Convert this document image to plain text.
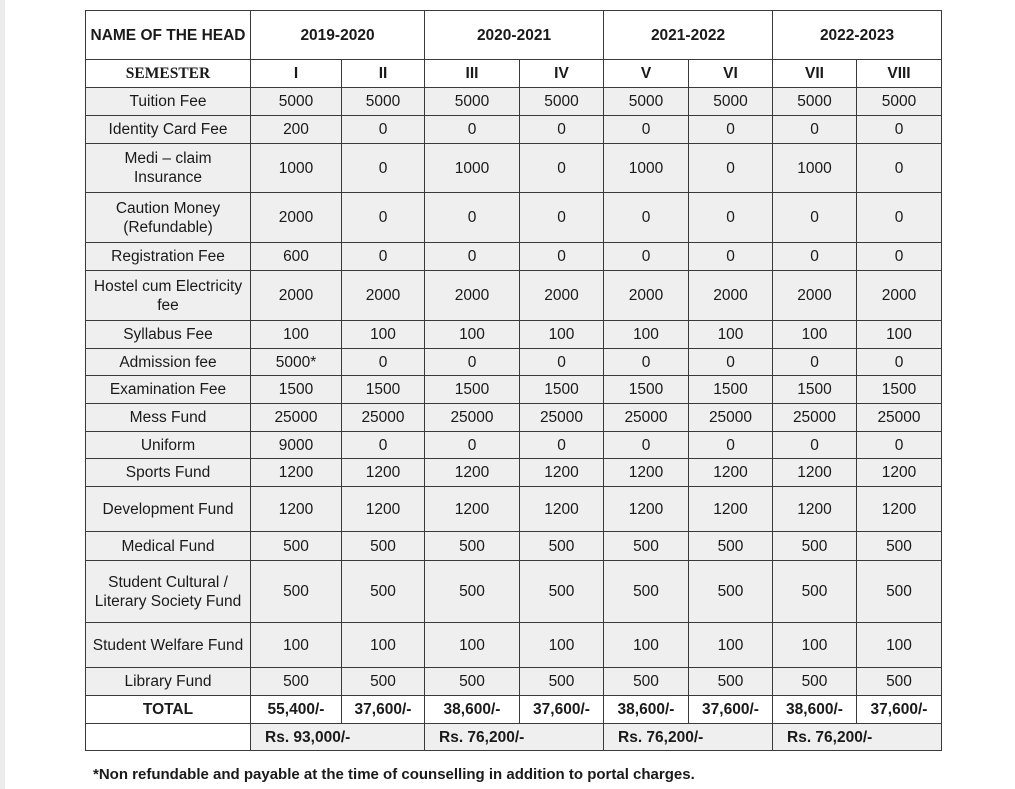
NAME OF THE HEAD	2019-2020		2020-2021		2021-2022		2022-2023	
SEMESTER	I	II	III	IV	V	VI	VII	VIII
Tuition Fee	5000	5000	5000	5000	5000	5000	5000	5000
Identity Card Fee	200	0	0	0	0	0	0	0
Medi – claim Insurance	1000	0	1000	0	1000	0	1000	0
Caution Money (Refundable)	2000	0	0	0	0	0	0	0
Registration Fee	600	0	0	0	0	0	0	0
Hostel cum Electricity fee	2000	2000	2000	2000	2000	2000	2000	2000
Syllabus Fee	100	100	100	100	100	100	100	100
Admission fee	5000*	0	0	0	0	0	0	0
Examination Fee	1500	1500	1500	1500	1500	1500	1500	1500
Mess Fund	25000	25000	25000	25000	25000	25000	25000	25000
Uniform	9000	0	0	0	0	0	0	0
Sports Fund	1200	1200	1200	1200	1200	1200	1200	1200
Development Fund	1200	1200	1200	1200	1200	1200	1200	1200
Medical Fund	500	500	500	500	500	500	500	500
Student Cultural / Literary Society Fund	500	500	500	500	500	500	500	500
Student Welfare Fund	100	100	100	100	100	100	100	100
Library Fund	500	500	500	500	500	500	500	500
TOTAL	55,400/-	37,600/-	38,600/-	37,600/-	38,600/-	37,600/-	38,600/-	37,600/-
	Rs. 93,000/-		Rs. 76,200/-		Rs. 76,200/-		Rs. 76,200/-	
*Non refundable and payable at the time of counselling in addition to portal charges.
